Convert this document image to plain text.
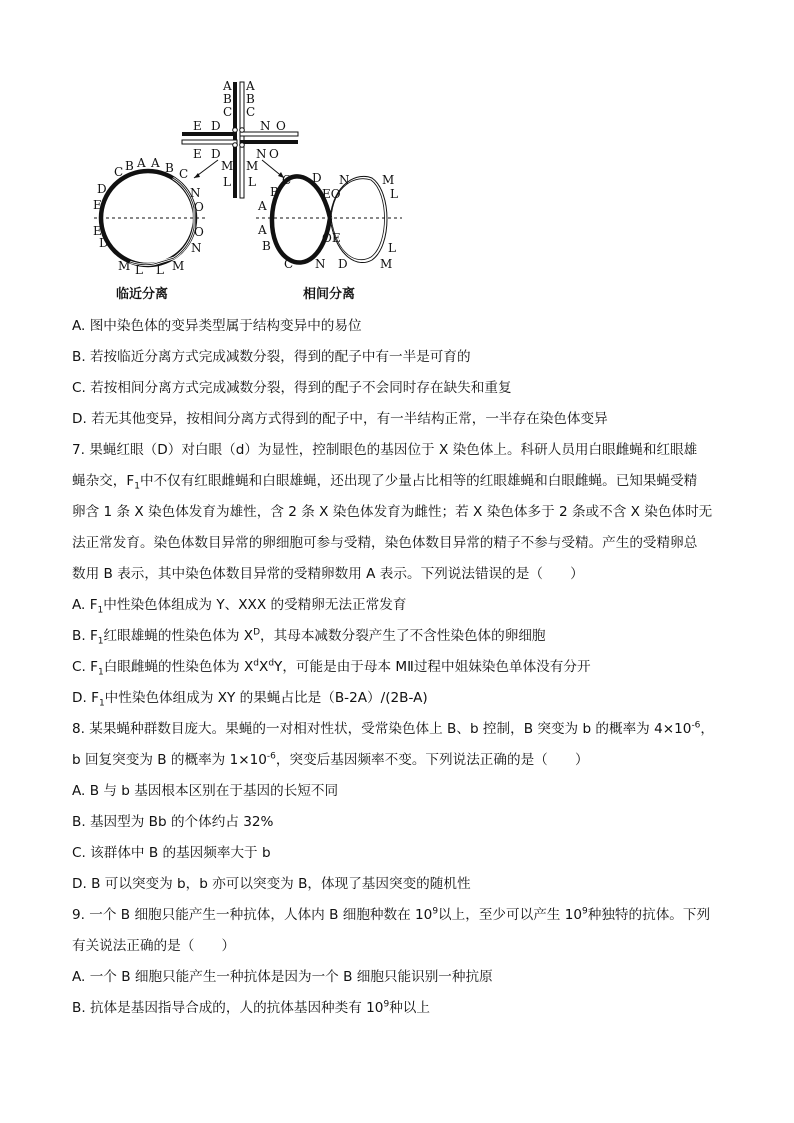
A A
B B
C C
E D	N O
E D	N O
M M
L L
C B A A B C
D
E
N
O
E
D
O
N
M L L M
临近分离
C D N	M
B
A
EO	L
A
B
OE
L
C N D	M
相间分离
A. 图中染色体的变异类型属于结构变异中的易位
B. 若按临近分离方式完成减数分裂，得到的配子中有一半是可育的
C. 若按相间分离方式完成减数分裂，得到的配子不会同时存在缺失和重复
D. 若无其他变异，按相间分离方式得到的配子中，有一半结构正常，一半存在染色体变异
7. 果蝇红眼（D）对白眼（d）为显性，控制眼色的基因位于 X 染色体上。科研人员用白眼雌蝇和红眼雄
蝇杂交，$F_1$中不仅有红眼雌蝇和白眼雄蝇，还出现了少量占比相等的红眼雄蝇和白眼雌蝇。已知果蝇受精
卵含 1 条 X 染色体发育为雄性，含 2 条 X 染色体发育为雌性；若 X 染色体多于 2 条或不含 X 染色体时无
法正常发育。染色体数目异常的卵细胞可参与受精，染色体数目异常的精子不参与受精。产生的受精卵总
数用 B 表示，其中染色体数目异常的受精卵数用 A 表示。下列说法错误的是（　　）
A. $F_1$中性染色体组成为 Y、XXX 的受精卵无法正常发育
B. $F_1$红眼雄蝇的性染色体为 $X^D$，其母本减数分裂产生了不含性染色体的卵细胞
C. $F_1$白眼雌蝇的性染色体为 $X^dX^dY$，可能是由于母本 MⅡ过程中姐妹染色单体没有分开
D. $F_1$中性染色体组成为 XY 的果蝇占比是（B-2A）/(2B-A)
8. 某果蝇种群数目庞大。果蝇的一对相对性状，受常染色体上 B、b 控制，B 突变为 b 的概率为 $4\times 10^{-6}$，
b 回复突变为 B 的概率为 $1\times 10^{-6}$，突变后基因频率不变。下列说法正确的是（　　）
A. B 与 b 基因根本区别在于基因的长短不同
B. 基因型为 Bb 的个体约占 32%
C. 该群体中 B 的基因频率大于 b
D. B 可以突变为 b，b 亦可以突变为 B，体现了基因突变的随机性
9. 一个 B 细胞只能产生一种抗体，人体内 B 细胞种数在 $10^9$以上，至少可以产生 $10^9$种独特的抗体。下列
有关说法正确的是（　　）
A. 一个 B 细胞只能产生一种抗体是因为一个 B 细胞只能识别一种抗原
B. 抗体是基因指导合成的，人的抗体基因种类有 $10^9$种以上
